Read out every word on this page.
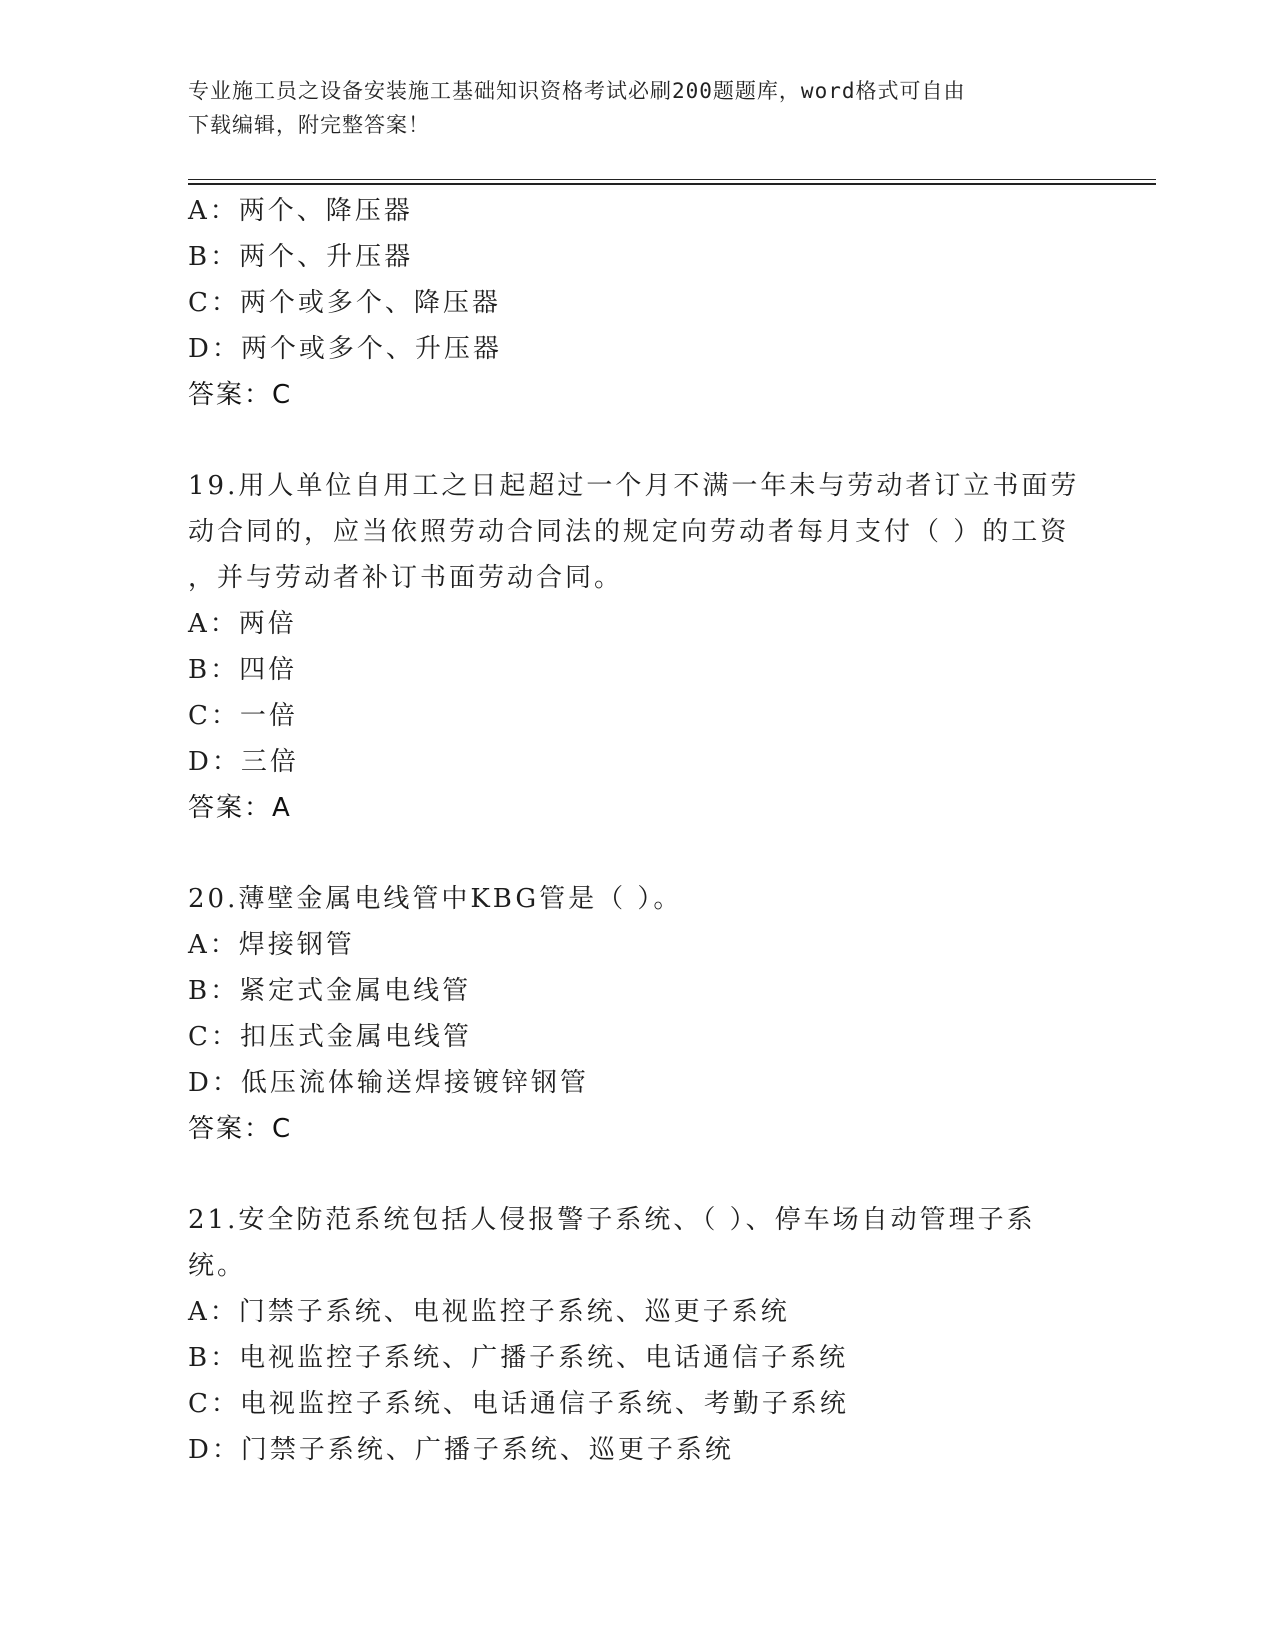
专业施工员之设备安装施工基础知识资格考试必刷200题题库，word格式可自由
下载编辑，附完整答案！
A：两个、降压器
B：两个、升压器
C：两个或多个、降压器
D：两个或多个、升压器
答案：C
19.用人单位自用工之日起超过一个月不满一年未与劳动者订立书面劳
动合同的，应当依照劳动合同法的规定向劳动者每月支付（ ）的工资
，并与劳动者补订书面劳动合同。
A：两倍
B：四倍
C：一倍
D：三倍
答案：A
20.薄壁金属电线管中KBG管是（ ）。
A：焊接钢管
B：紧定式金属电线管
C：扣压式金属电线管
D：低压流体输送焊接镀锌钢管
答案：C
21.安全防范系统包括人侵报警子系统、（ ）、停车场自动管理子系
统。
A：门禁子系统、电视监控子系统、巡更子系统
B：电视监控子系统、广播子系统、电话通信子系统
C：电视监控子系统、电话通信子系统、考勤子系统
D：门禁子系统、广播子系统、巡更子系统
